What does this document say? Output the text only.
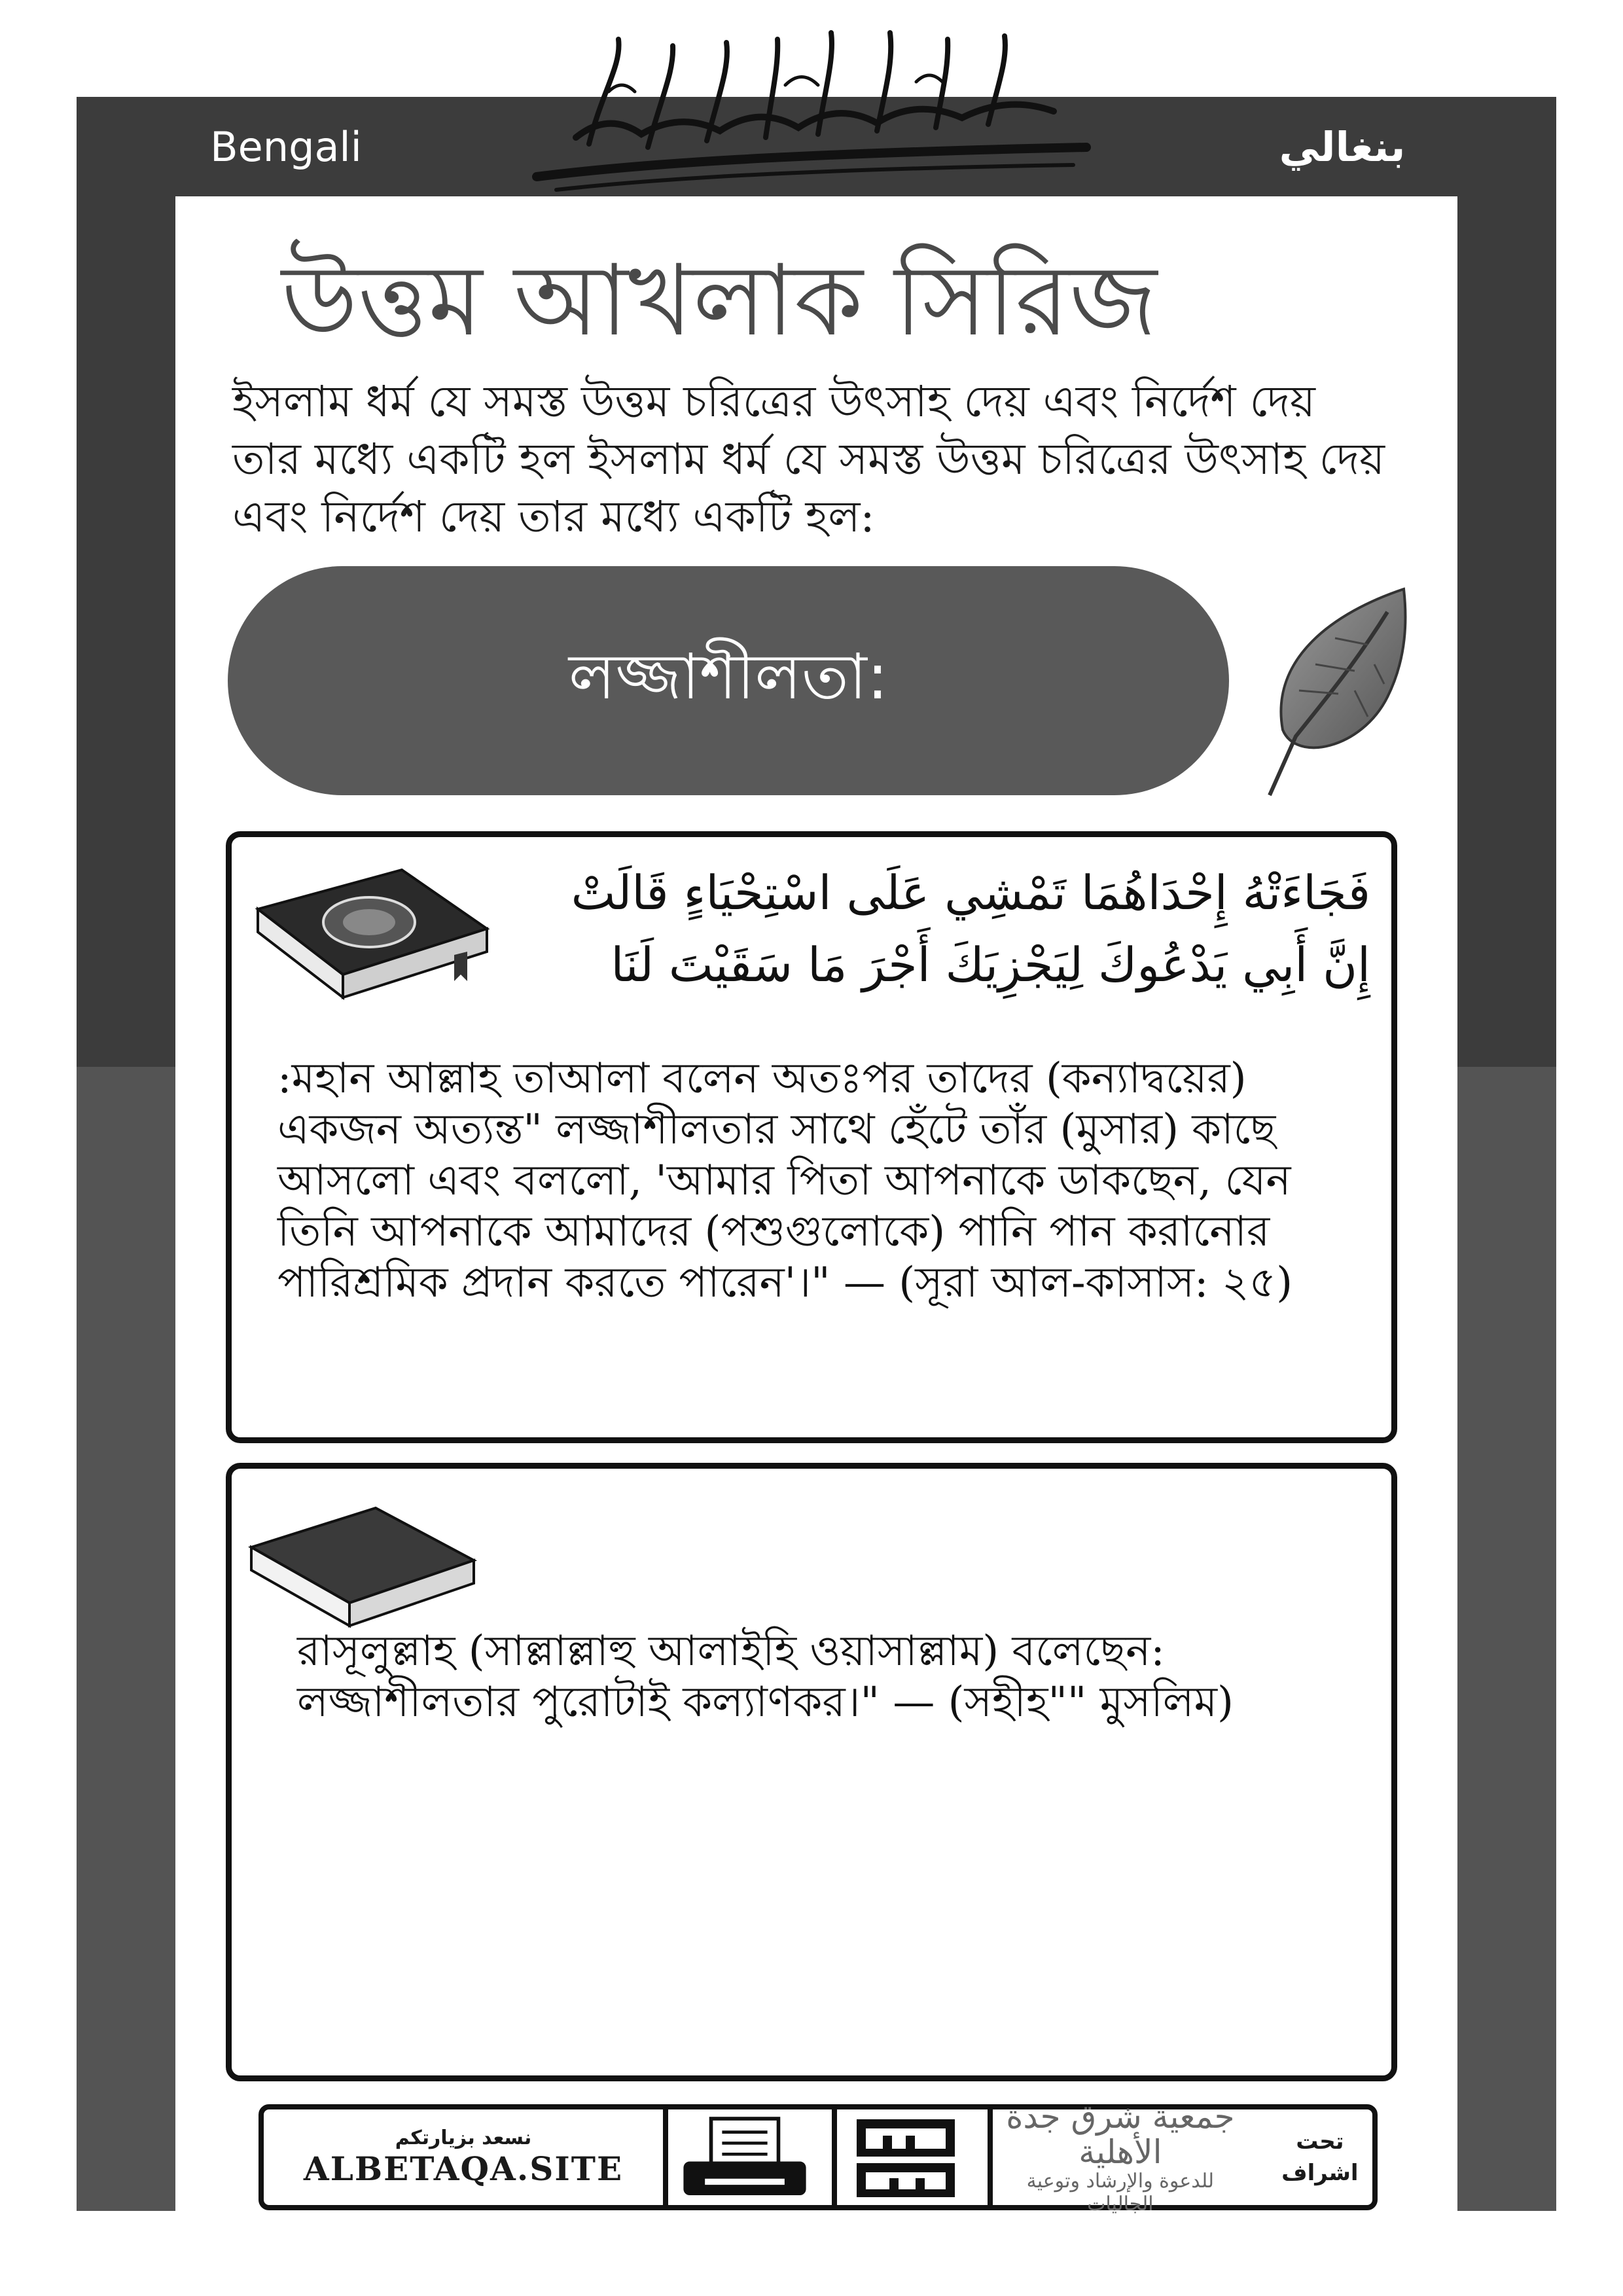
Bengali	بنغالي
উত্তম আখলাক সিরিজ
ইসলাম ধর্ম যে সমস্ত উত্তম চরিত্রের উৎসাহ দেয় এবং নির্দেশ দেয় তার মধ্যে একটি হল ইসলাম ধর্ম যে সমস্ত উত্তম চরিত্রের উৎসাহ দেয় এবং নির্দেশ দেয় তার মধ্যে একটি হল:
লজ্জাশীলতা:
فَجَاءَتْهُ إِحْدَاهُمَا تَمْشِي عَلَى اسْتِحْيَاءٍ قَالَتْ
إِنَّ أَبِي يَدْعُوكَ لِيَجْزِيَكَ أَجْرَ مَا سَقَيْتَ لَنَا
:মহান আল্লাহ তাআলা বলেন অতঃপর তাদের (কন্যাদ্বয়ের) একজন অত্যন্ত" লজ্জাশীলতার সাথে হেঁটে তাঁর (মুসার) কাছে আসলো এবং বললো, 'আমার পিতা আপনাকে ডাকছেন, যেন তিনি আপনাকে আমাদের (পশুগুলোকে) পানি পান করানোর পারিশ্রমিক প্রদান করতে পারেন'।" — (সূরা আল-কাসাস: ২৫)
রাসূলুল্লাহ (সাল্লাল্লাহু আলাইহি ওয়াসাল্লাম) বলেছেন: লজ্জাশীলতার পুরোটাই কল্যাণকর।" — (সহীহ"" মুসলিম)
نسعد بزيارتكم
ALBETAQA.SITE
تحت اشراف
جمعية شرق جدة الأهلية
للدعوة والإرشاد وتوعية الجاليات
